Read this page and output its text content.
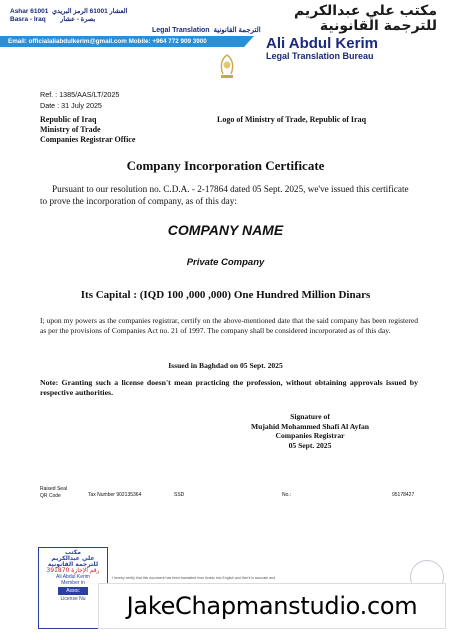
Ashar 61001 العشار 61001 الرمز البريدي
Basra - Iraq بصرة - عشار
Legal Translation الترجمة القانونية
مكتب علي عبدالكريم
للترجمة القانونية
Email: officialaliabdulkerim@gmail.com Mobile: +964 772 909 3900	Ali Abdul Kerim
Legal Translation Bureau
Ref. : 1385/AAS/LT/2025
Date : 31 July 2025
Republic of Iraq
Ministry of Trade
Companies Registrar Office
Logo of Ministry of Trade, Republic of Iraq
Company Incorporation Certificate
Pursuant to our resolution no. C.D.A. - 2-17864 dated 05 Sept. 2025, we've issued this certificate to prove the incorporation of company, as of this day:
COMPANY NAME
Private Company
Its Capital : (IQD 100 ,000 ,000) One Hundred Million Dinars
I; upon my powers as the companies registrar, certify on the above-mentioned date that the said company has been registered as per the provisions of Companies Act no. 21 of 1997. The company shall be considered incorporated as of this day.
Issued in Baghdad on 05 Sept. 2025
Note: Granting such a license doesn't mean practicing the profession, without obtaining approvals issued by respective authorities.
Signature of
Mujahid Mohammed Shafi Al Ayfan
Companies Registrar
05 Sept. 2025
Raised Seal
QR Code	Tax Number 902135364	SSD	No.:	95178427
مكتب
علي عبدالكريم للترجمة القانونية
رقم الإجازة 391870
Ali Abdul Kerim
Member in
Assoc
License Nu
I hereby certify that this document has been translated from Arabic into English and that it is accurate and
JakeChapmanstudio.com
